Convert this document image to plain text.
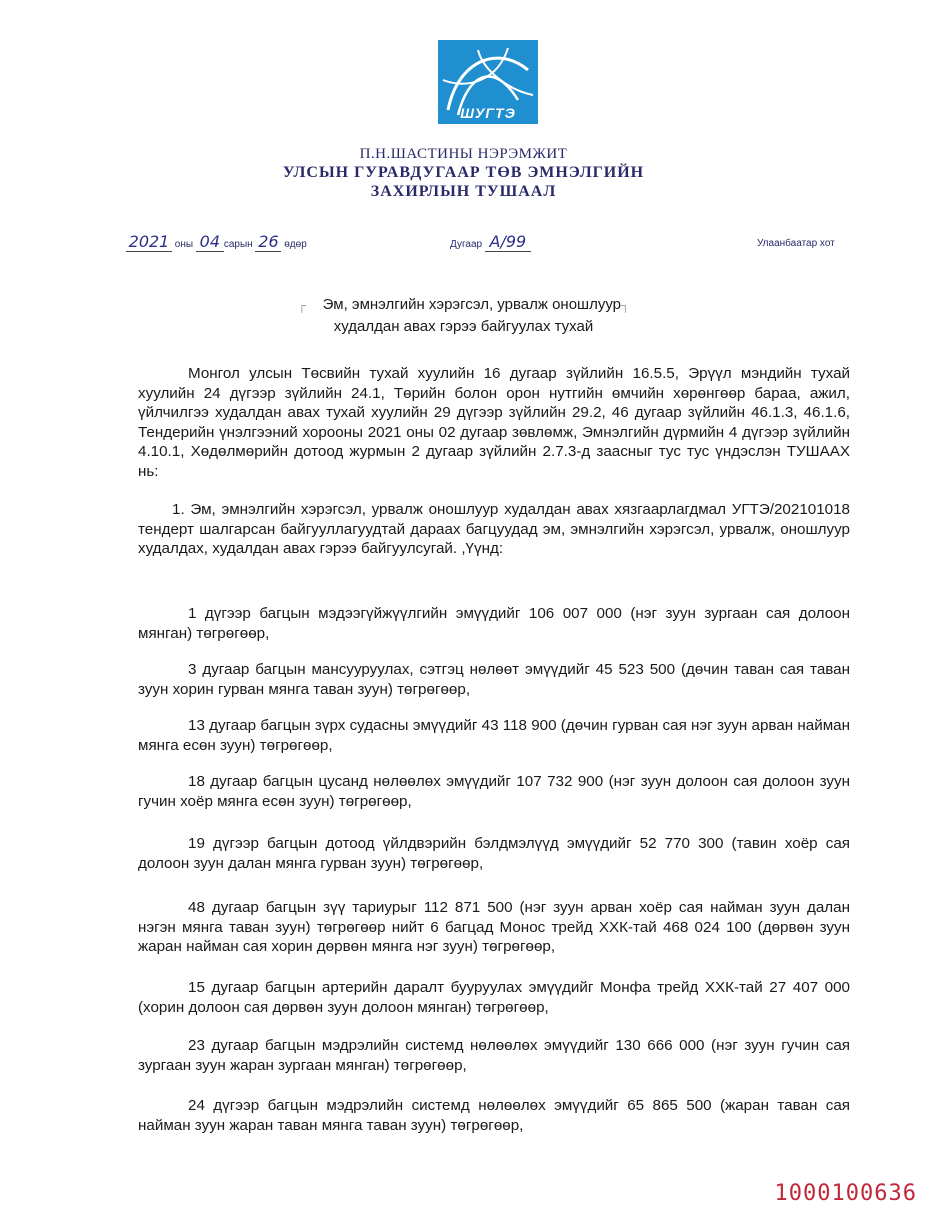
ШУГТЭ
П.Н.ШАСТИНЫ НЭРЭМЖИТ
УЛСЫН ГУРАВДУГААР ТӨВ ЭМНЭЛГИЙН
ЗАХИРЛЫН ТУШААЛ
2021 оны 04 сарын 26 өдөр	Дугаар А/99	Улаанбаатар хот
┌ Эм, эмнэлгийн хэрэгсэл, урвалж оношлуур┐
худалдан авах гэрээ байгуулах тухай
Монгол улсын Төсвийн тухай хуулийн 16 дугаар зүйлийн 16.5.5, Эрүүл мэндийн тухай хуулийн 24 дүгээр зүйлийн 24.1, Төрийн болон орон нутгийн өмчийн хөрөнгөөр бараа, ажил, үйлчилгээ худалдан авах тухай хуулийн 29 дүгээр зүйлийн 29.2, 46 дугаар зүйлийн 46.1.3, 46.1.6, Тендерийн үнэлгээний хорооны 2021 оны 02 дугаар зөвлөмж, Эмнэлгийн дүрмийн 4 дүгээр зүйлийн 4.10.1, Хөдөлмөрийн дотоод журмын 2 дугаар зүйлийн 2.7.3-д заасныг тус тус үндэслэн ТУШААХ нь:
1. Эм, эмнэлгийн хэрэгсэл, урвалж оношлуур худалдан авах хязгаарлагдмал УГТЭ/202101018 тендерт шалгарсан байгууллагуудтай дараах багцуудад эм, эмнэлгийн хэрэгсэл, урвалж, оношлуур худалдах, худалдан авах гэрээ байгуулсугай. ,Үүнд:
1 дүгээр багцын мэдээгүйжүүлгийн эмүүдийг 106 007 000 (нэг зуун зургаан сая долоон мянган) төгрөгөөр,
3 дугаар багцын мансууруулах, сэтгэц нөлөөт эмүүдийг 45 523 500 (дөчин таван сая таван зуун хорин гурван мянга таван зуун) төгрөгөөр,
13 дугаар багцын зүрх судасны эмүүдийг 43 118 900 (дөчин гурван сая нэг зуун арван найман мянга есөн зуун) төгрөгөөр,
18 дугаар багцын цусанд нөлөөлөх эмүүдийг 107 732 900 (нэг зуун долоон сая долоон зуун гучин хоёр мянга есөн зуун) төгрөгөөр,
19 дүгээр багцын дотоод үйлдвэрийн бэлдмэлүүд эмүүдийг 52 770 300 (тавин хоёр сая долоон зуун далан мянга гурван зуун) төгрөгөөр,
48 дугаар багцын зүү тариурыг 112 871 500 (нэг зуун арван хоёр сая найман зуун далан нэгэн мянга таван зуун) төгрөгөөр нийт 6 багцад Монос трейд ХХК-тай 468 024 100 (дөрвөн зуун жаран найман сая хорин дөрвөн мянга нэг зуун) төгрөгөөр,
15 дугаар багцын артерийн даралт бууруулах эмүүдийг Монфа трейд ХХК-тай 27 407 000 (хорин долоон сая дөрвөн зуун долоон мянган) төгрөгөөр,
23 дугаар багцын мэдрэлийн системд нөлөөлөх эмүүдийг 130 666 000 (нэг зуун гучин сая зургаан зуун жаран зургаан мянган) төгрөгөөр,
24 дүгээр багцын мэдрэлийн системд нөлөөлөх эмүүдийг 65 865 500 (жаран таван сая найман зуун жаран таван мянга таван зуун) төгрөгөөр,
1000100636
